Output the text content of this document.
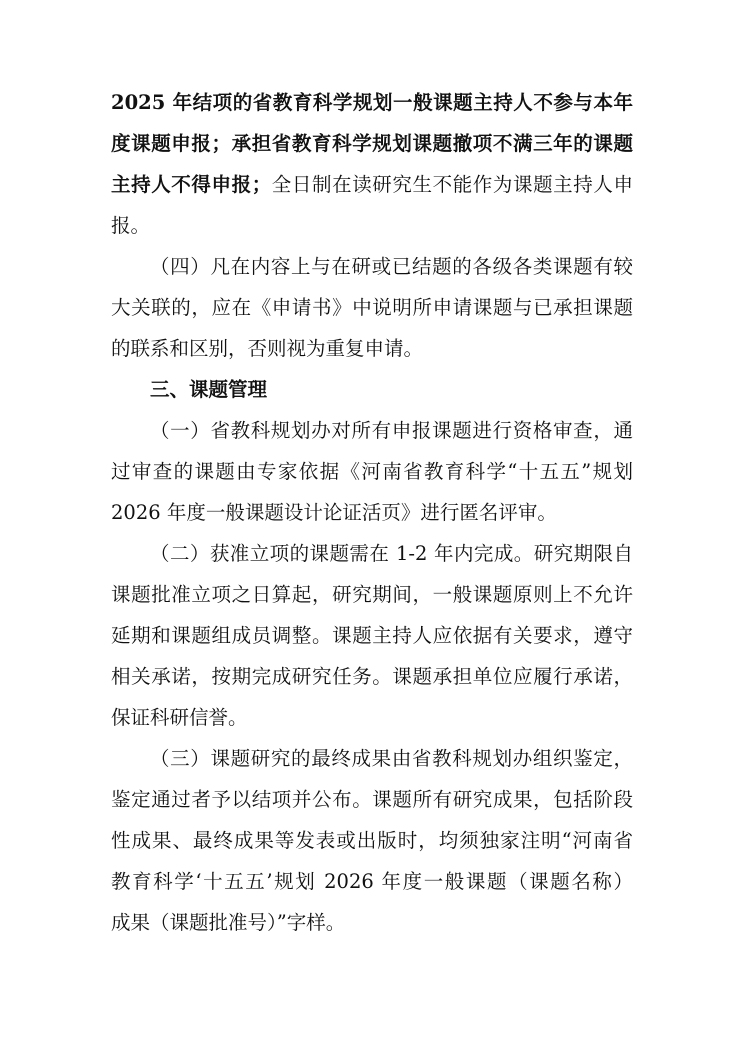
2025 年结项的省教育科学规划一般课题主持人不参与本年
度课题申报；承担省教育科学规划课题撤项不满三年的课题
主持人不得申报；全日制在读研究生不能作为课题主持人申
报。
（四）凡在内容上与在研或已结题的各级各类课题有较
大关联的，应在《申请书》中说明所申请课题与已承担课题
的联系和区别，否则视为重复申请。
三、课题管理
（一）省教科规划办对所有申报课题进行资格审查，通
过审查的课题由专家依据《河南省教育科学“十五五”规划
2026 年度一般课题设计论证活页》进行匿名评审。
（二）获准立项的课题需在 1-2 年内完成。研究期限自
课题批准立项之日算起，研究期间，一般课题原则上不允许
延期和课题组成员调整。课题主持人应依据有关要求，遵守
相关承诺，按期完成研究任务。课题承担单位应履行承诺，
保证科研信誉。
（三）课题研究的最终成果由省教科规划办组织鉴定，
鉴定通过者予以结项并公布。课题所有研究成果，包括阶段
性成果、最终成果等发表或出版时，均须独家注明“河南省
教育科学‘十五五’规划 2026 年度一般课题（课题名称）
成果（课题批准号）”字样。
